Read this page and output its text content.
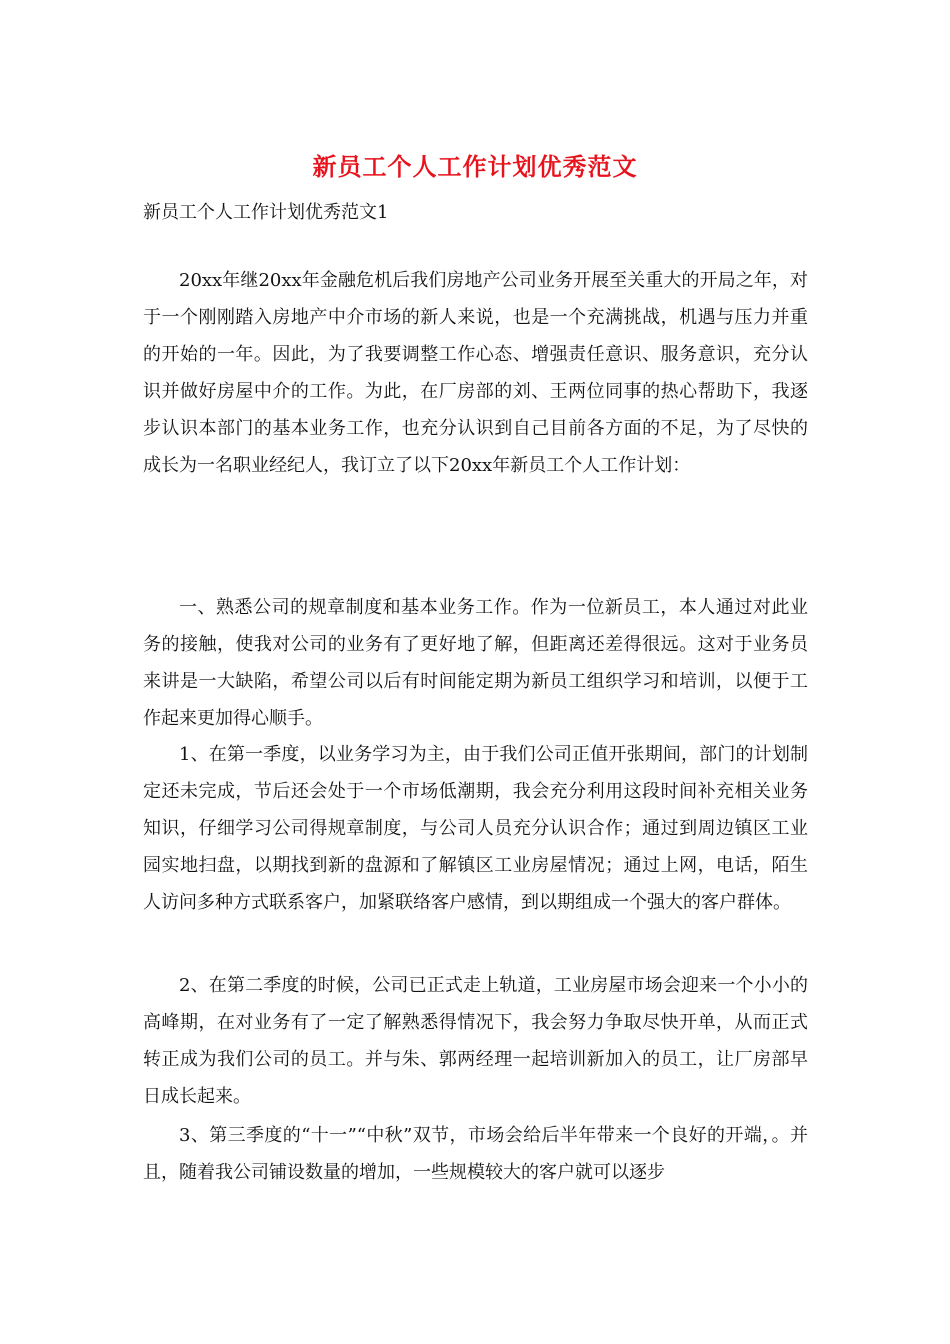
新员工个人工作计划优秀范文
新员工个人工作计划优秀范文1

20xx年继20xx年金融危机后我们房地产公司业务开展至关重大的开局之年，对于一个刚刚踏入房地产中介市场的新人来说，也是一个充满挑战，机遇与压力并重的开始的一年。因此，为了我要调整工作心态、增强责任意识、服务意识，充分认识并做好房屋中介的工作。为此，在厂房部的刘、王两位同事的热心帮助下，我逐步认识本部门的基本业务工作，也充分认识到自己目前各方面的不足，为了尽快的成长为一名职业经纪人，我订立了以下20xx年新员工个人工作计划：

一、熟悉公司的规章制度和基本业务工作。作为一位新员工，本人通过对此业务的接触，使我对公司的业务有了更好地了解，但距离还差得很远。这对于业务员来讲是一大缺陷，希望公司以后有时间能定期为新员工组织学习和培训，以便于工作起来更加得心顺手。

1、在第一季度，以业务学习为主，由于我们公司正值开张期间，部门的计划制定还未完成，节后还会处于一个市场低潮期，我会充分利用这段时间补充相关业务知识，仔细学习公司得规章制度，与公司人员充分认识合作；通过到周边镇区工业园实地扫盘，以期找到新的盘源和了解镇区工业房屋情况；通过上网，电话，陌生人访问多种方式联系客户，加紧联络客户感情，到以期组成一个强大的客户群体。

2、在第二季度的时候，公司已正式走上轨道，工业房屋市场会迎来一个小小的高峰期，在对业务有了一定了解熟悉得情况下，我会努力争取尽快开单，从而正式转正成为我们公司的员工。并与朱、郭两经理一起培训新加入的员工，让厂房部早日成长起来。

3、第三季度的“十一”“中秋”双节，市场会给后半年带来一个良好的开端，。并且，随着我公司铺设数量的增加，一些规模较大的客户就可以逐步
